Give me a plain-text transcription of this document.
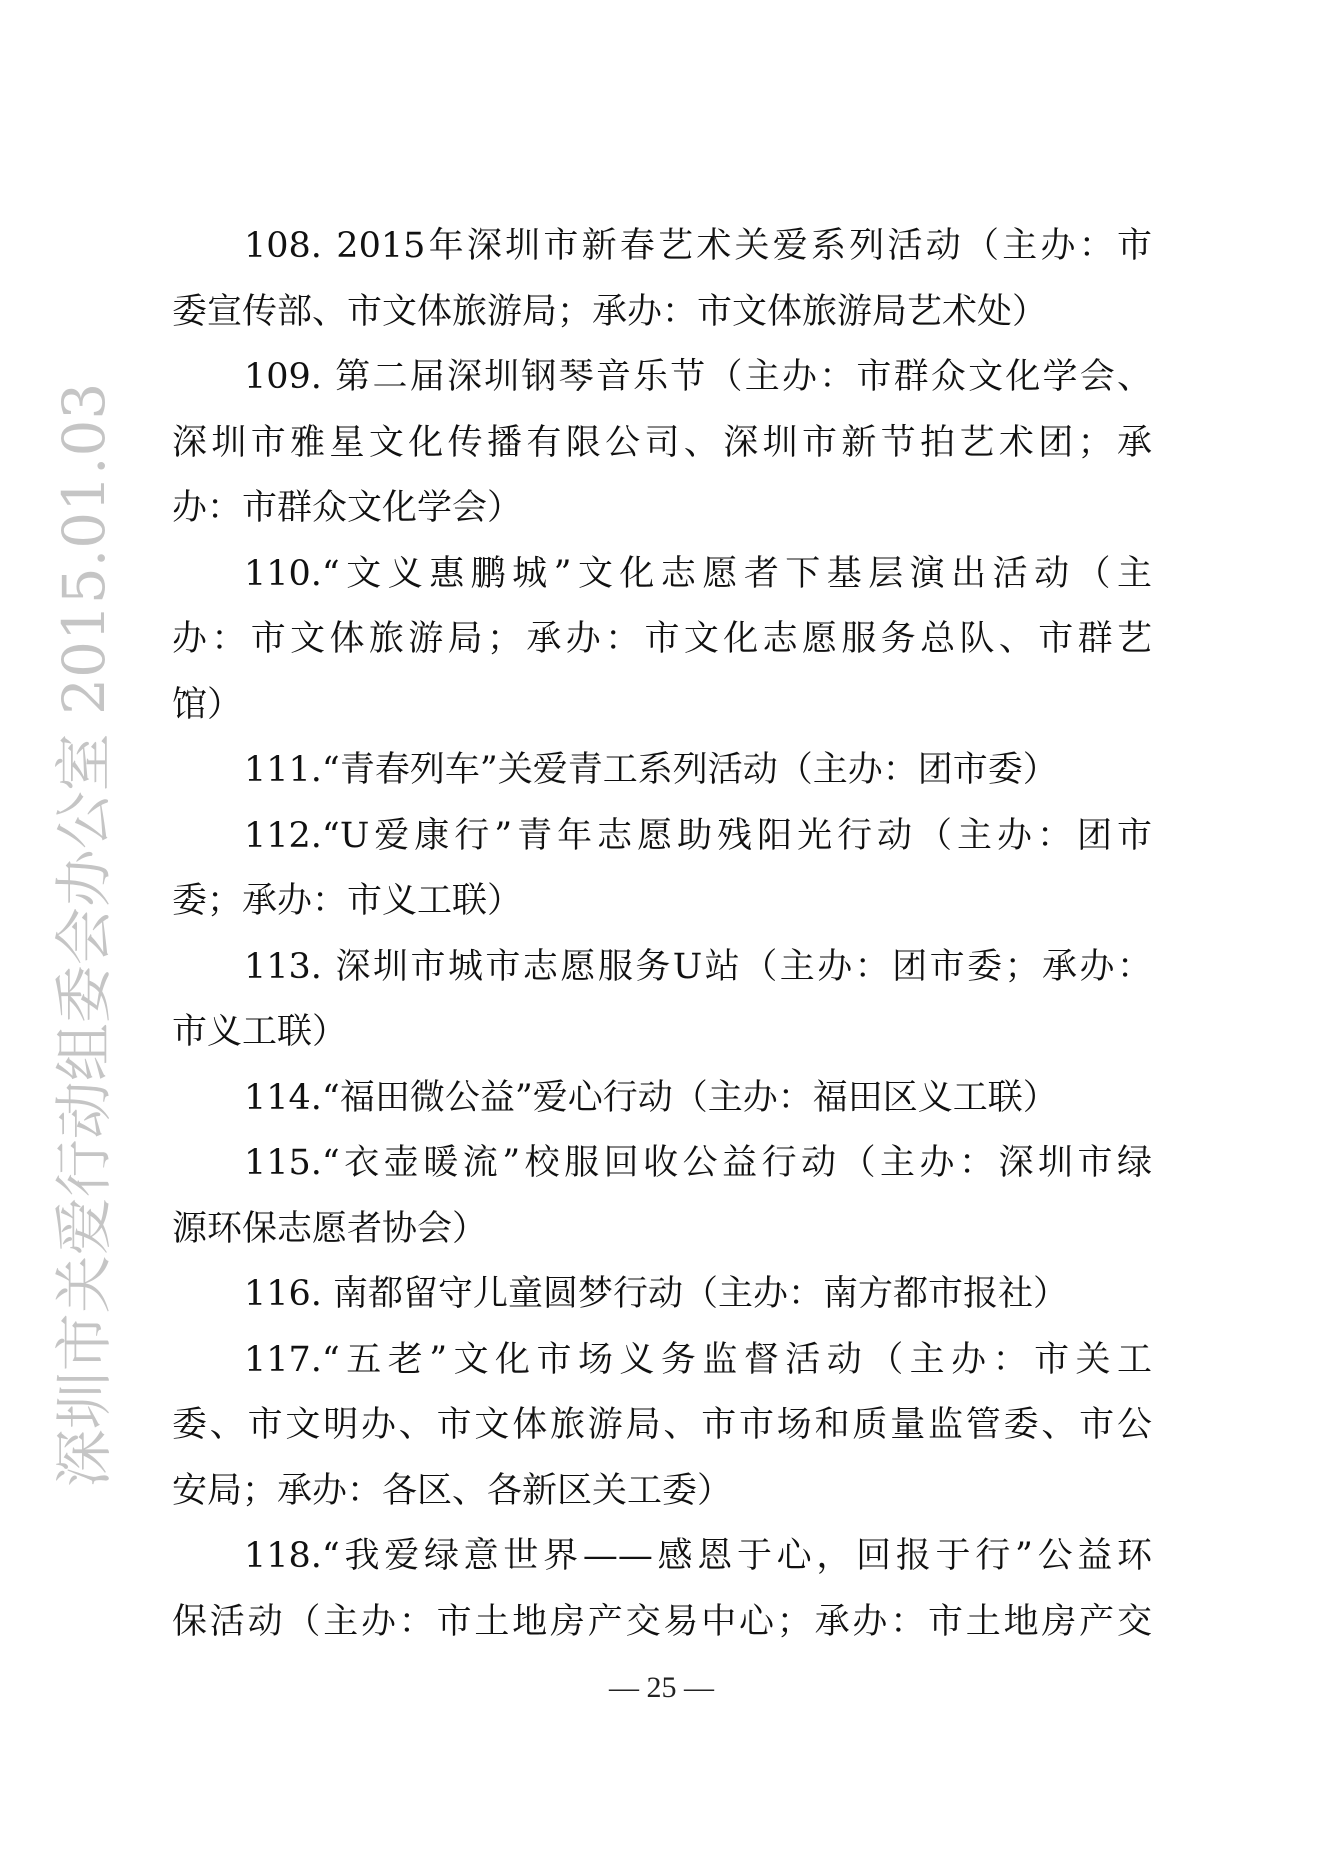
108. 2015年深圳市新春艺术关爱系列活动（主办：市
委宣传部、市文体旅游局；承办：市文体旅游局艺术处）
109. 第二届深圳钢琴音乐节（主办：市群众文化学会、
深圳市雅星文化传播有限公司、深圳市新节拍艺术团；承
办：市群众文化学会）
110.“文义惠鹏城”文化志愿者下基层演出活动（主
办：市文体旅游局；承办：市文化志愿服务总队、市群艺
馆）
111.“青春列车”关爱青工系列活动（主办：团市委）
112.“U爱康行”青年志愿助残阳光行动（主办：团市
委；承办：市义工联）
113. 深圳市城市志愿服务U站（主办：团市委；承办：
市义工联）
114.“福田微公益”爱心行动（主办：福田区义工联）
115.“衣壶暖流”校服回收公益行动（主办：深圳市绿
源环保志愿者协会）
116. 南都留守儿童圆梦行动（主办：南方都市报社）
117.“五老”文化市场义务监督活动（主办：市关工
委、市文明办、市文体旅游局、市市场和质量监管委、市公
安局；承办：各区、各新区关工委）
118.“我爱绿意世界——感恩于心，回报于行”公益环
保活动（主办：市土地房产交易中心；承办：市土地房产交
— 25 —
深圳市关爱行动组委会办公室 2015.01.03
